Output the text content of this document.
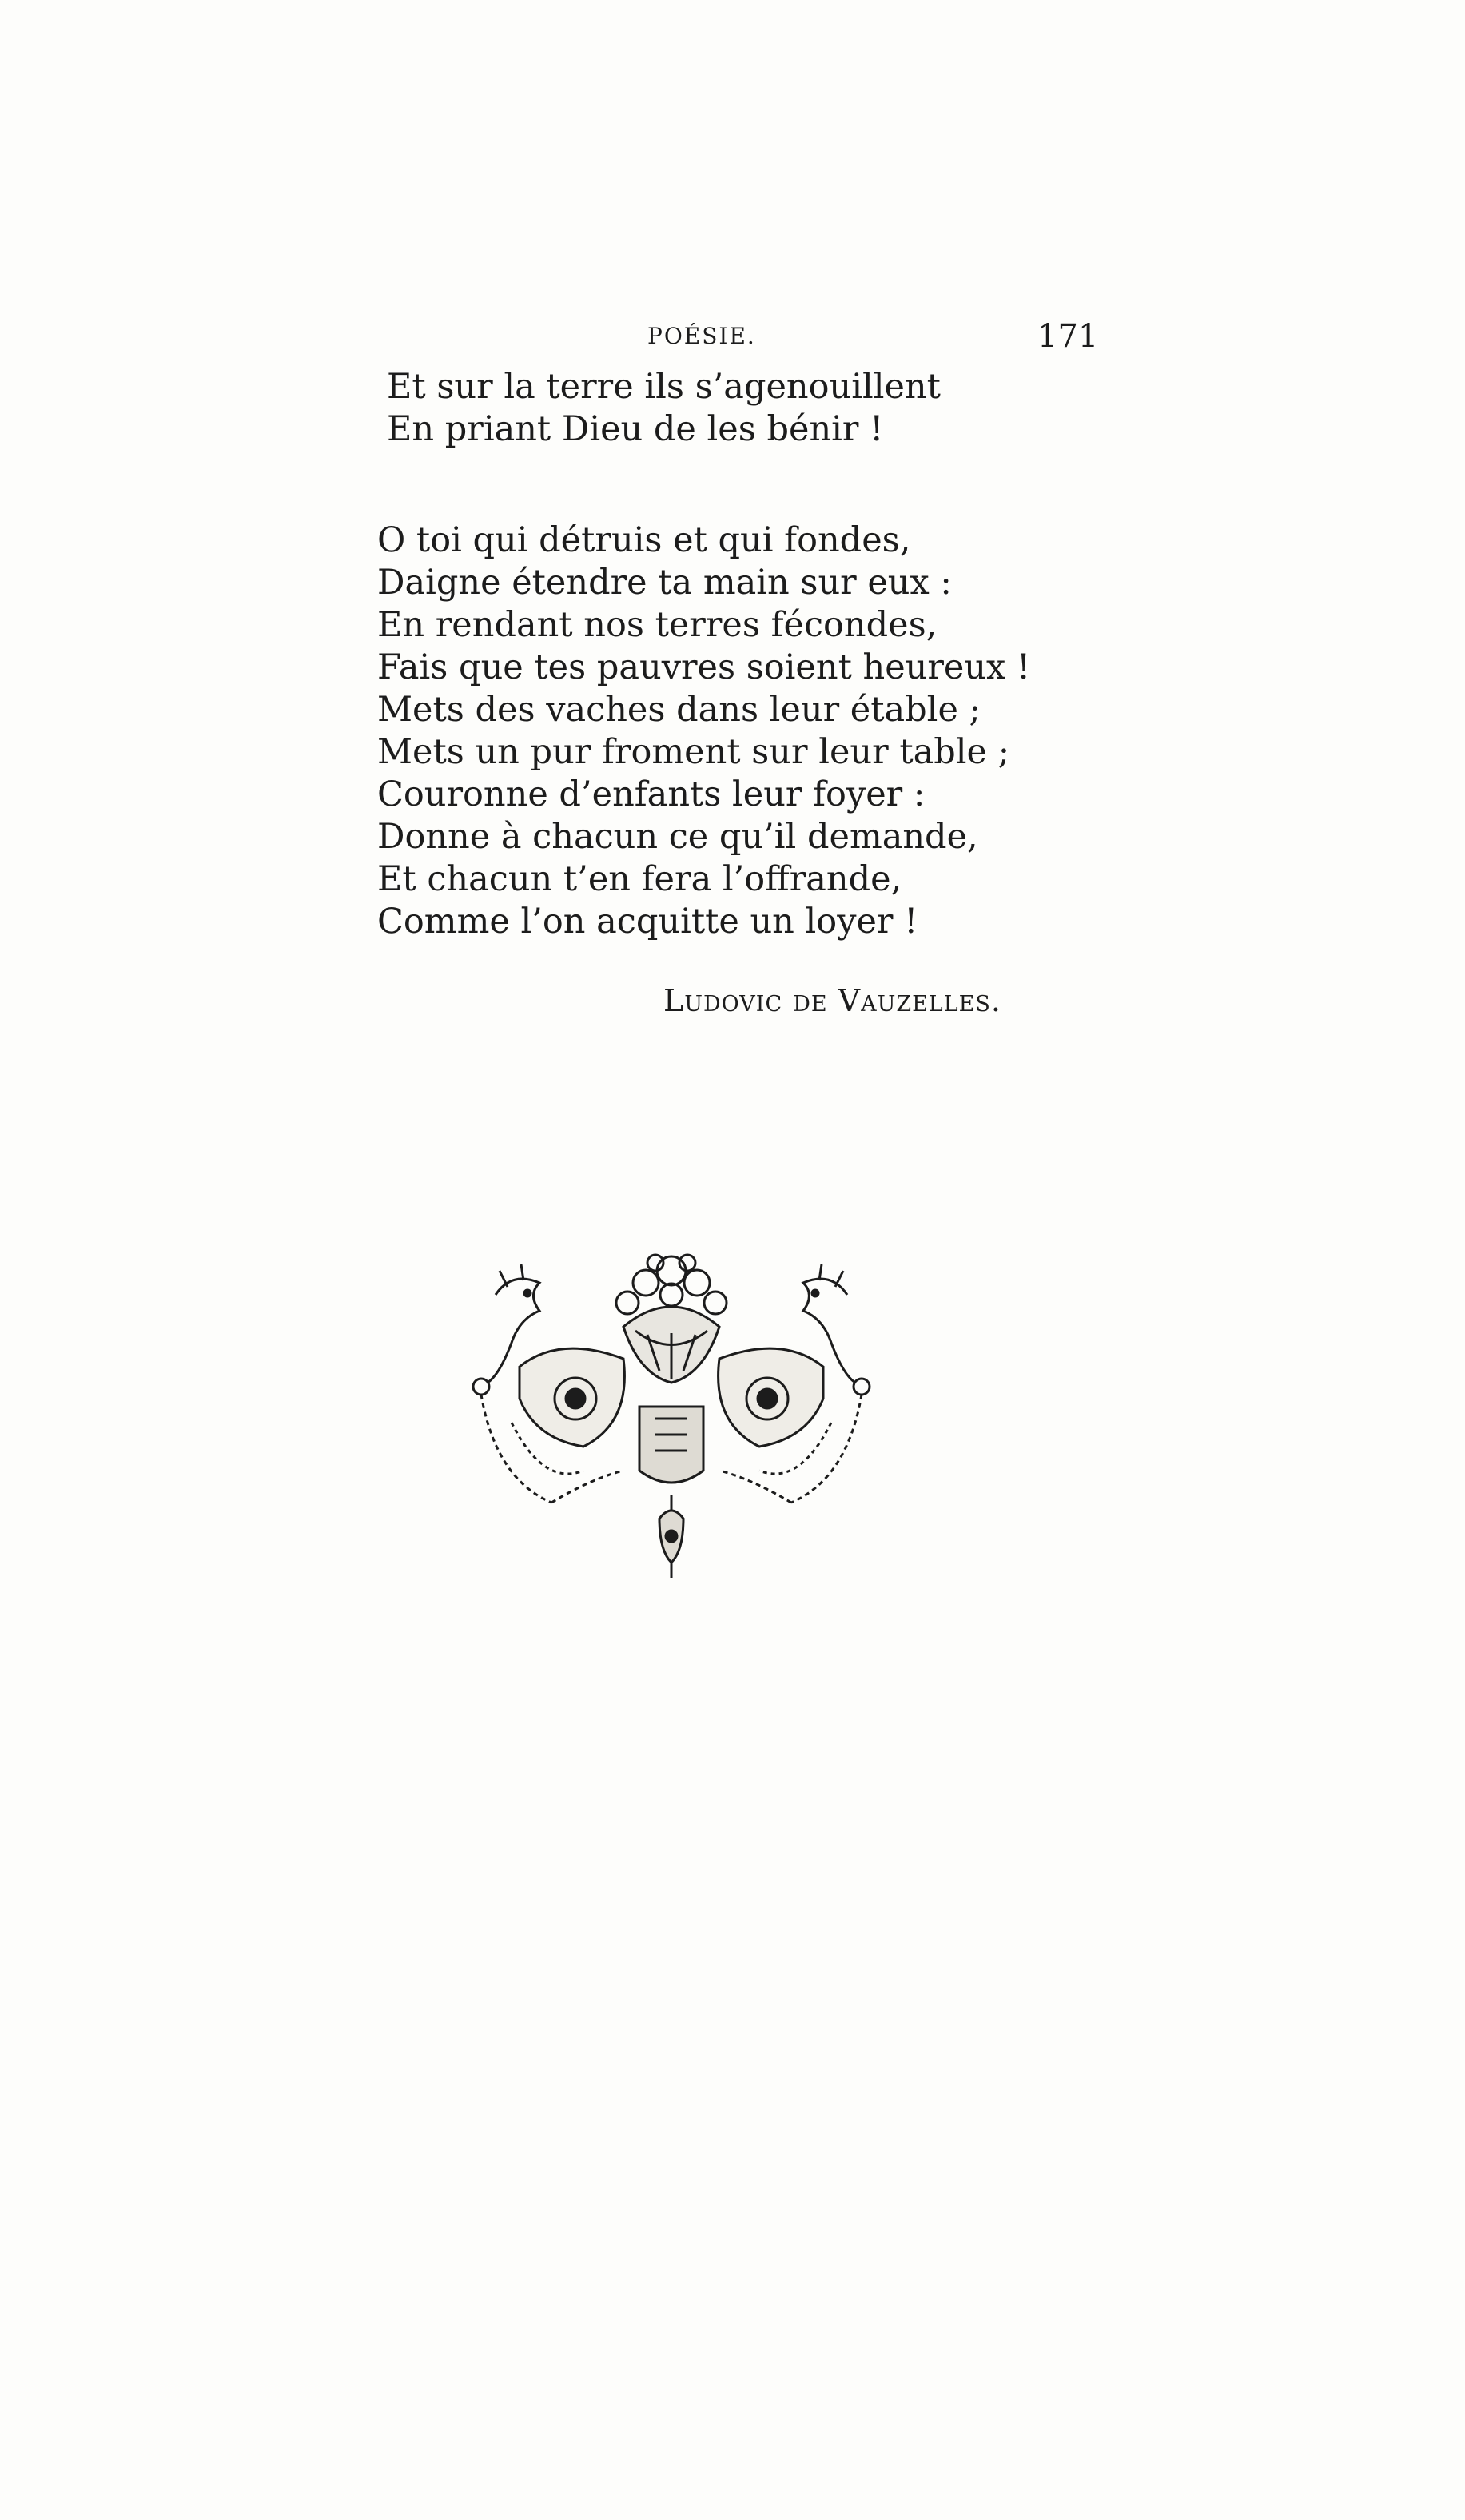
POÉSIE.	171
Et sur la terre ils s’agenouillent
En priant Dieu de les bénir !
O toi qui détruis et qui fondes,
Daigne étendre ta main sur eux :
En rendant nos terres fécondes,
Fais que tes pauvres soient heureux !
Mets des vaches dans leur étable ;
Mets un pur froment sur leur table ;
Couronne d’enfants leur foyer :
Donne à chacun ce qu’il demande,
Et chacun t’en fera l’offrande,
Comme l’on acquitte un loyer !
Ludovic de Vauzelles.
